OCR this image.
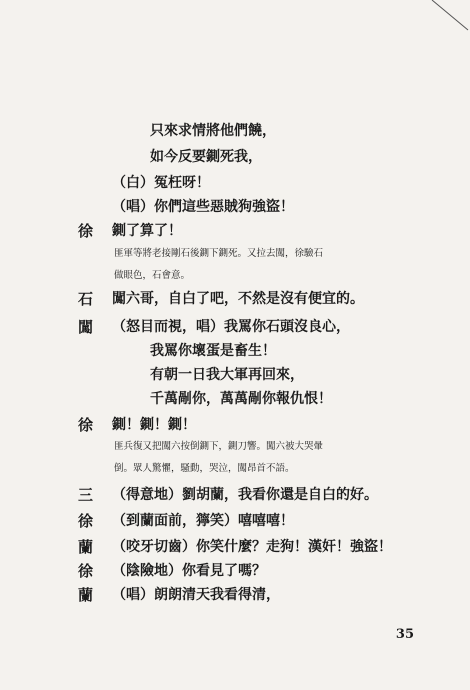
只來求情將他們饒，
如今反要鍘死我，
（白）冤枉呀！
（唱）你們這些惡賊狗強盜！
徐 鍘了算了！
匪軍等將老接剛石後鍘下鍘死。又拉去闖，徐驗石
做眼色，石會意。
石 闖六哥，自白了吧，不然是沒有便宜的。
闖 （怒目而視，唱）我罵你石頭沒良心，
我罵你壞蛋是畜生！
有朝一日我大軍再回來，
千萬剮你，萬萬剮你報仇恨！
徐 鍘！鍘！鍘！
匪兵復又把闖六按倒鍘下，鍘刀響。闖六被大哭暈
倒。眾人驚懼，騷動，哭泣，闖昂首不語。
三 （得意地）劉胡蘭，我看你還是自白的好。
徐 （到蘭面前，獰笑）嘻嘻嘻！
蘭 （咬牙切齒）你笑什麼？走狗！漢奸！強盜！
徐 （陰險地）你看見了嗎？
蘭 （唱）朗朗清天我看得清，
35
